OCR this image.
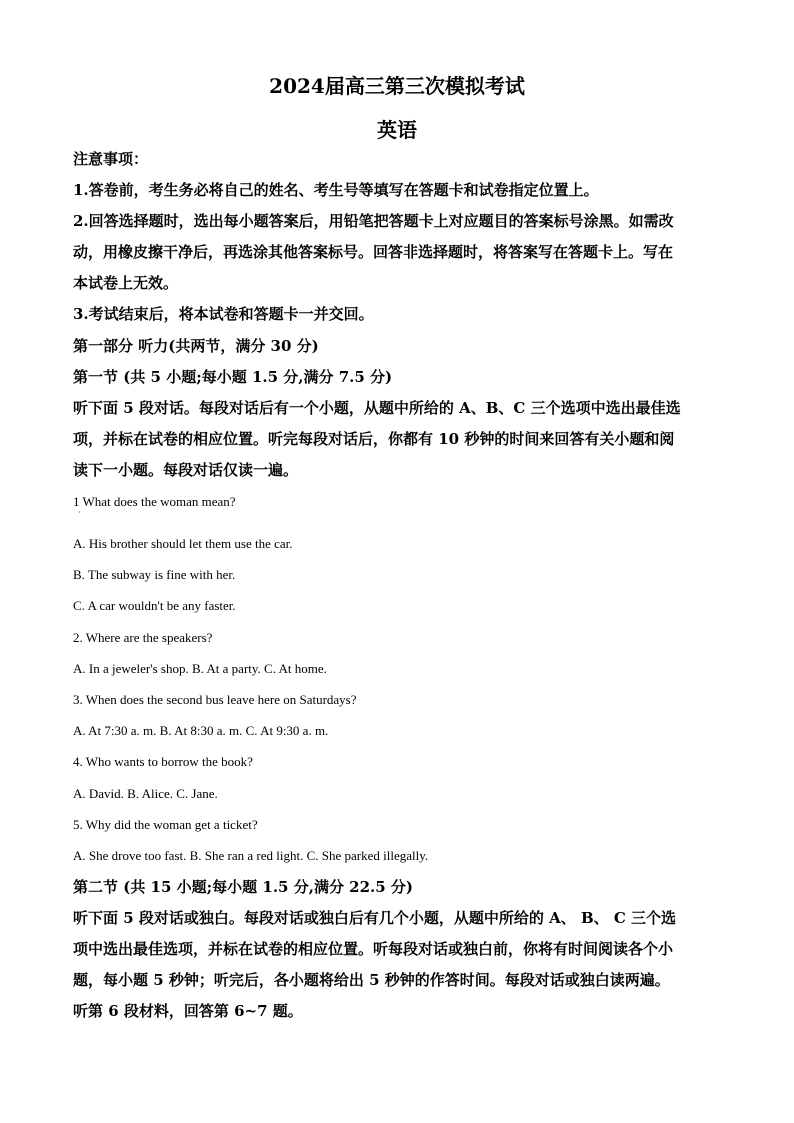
2024届高三第三次模拟考试
英语
注意事项：
1.答卷前，考生务必将自己的姓名、考生号等填写在答题卡和试卷指定位置上。
2.回答选择题时，选出每小题答案后，用铅笔把答题卡上对应题目的答案标号涂黑。如需改
动，用橡皮擦干净后，再选涂其他答案标号。回答非选择题时，将答案写在答题卡上。写在
本试卷上无效。
3.考试结束后，将本试卷和答题卡一并交回。
第一部分 听力(共两节，满分 30 分)
第一节 (共 5 小题;每小题 1.5 分,满分 7.5 分)
听下面 5 段对话。每段对话后有一个小题，从题中所给的 A、B、C 三个选项中选出最佳选
项，并标在试卷的相应位置。听完每段对话后，你都有 10 秒钟的时间来回答有关小题和阅
读下一小题。每段对话仅读一遍。
1 What does the woman mean?
·
A. His brother should let them use the car.
B. The subway is fine with her.
C. A car wouldn't be any faster.
2. Where are the speakers?
A. In a jeweler's shop. B. At a party. C. At home.
3. When does the second bus leave here on Saturdays?
A. At 7:30 a. m. B. At 8:30 a. m. C. At 9:30 a. m.
4. Who wants to borrow the book?
A. David. B. Alice. C. Jane.
5. Why did the woman get a ticket?
A. She drove too fast. B. She ran a red light. C. She parked illegally.
第二节 (共 15 小题;每小题 1.5 分,满分 22.5 分)
听下面 5 段对话或独白。每段对话或独白后有几个小题，从题中所给的 A、 B、 C 三个选
项中选出最佳选项，并标在试卷的相应位置。听每段对话或独白前，你将有时间阅读各个小
题，每小题 5 秒钟；听完后，各小题将给出 5 秒钟的作答时间。每段对话或独白读两遍。
听第 6 段材料，回答第 6~7 题。
